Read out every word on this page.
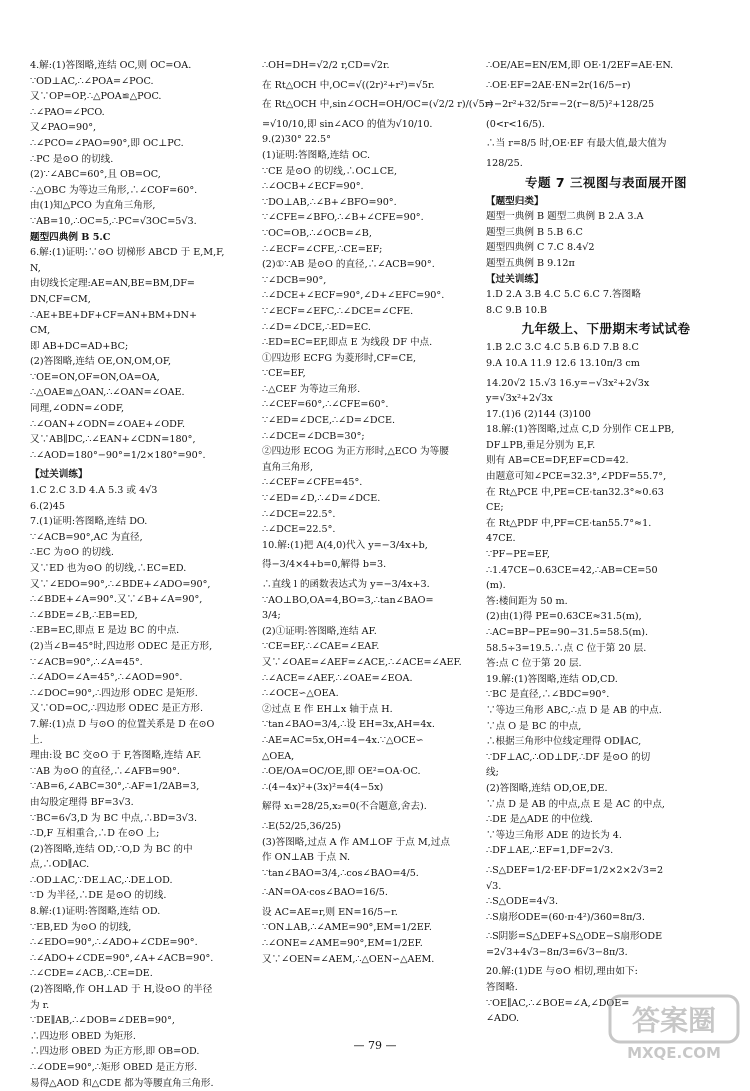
4.解:(1)答图略,连结 OC,则 OC=OA.
∵OD⊥AC,∴∠POA=∠POC.
又∵OP=OP,∴△POA≌△POC.
∴∠PAO=∠PCO.
又∠PAO=90°,
∴∠PCO=∠PAO=90°,即 OC⊥PC.
∴PC 是⊙O 的切线.
(2)∵∠ABC=60°,且 OB=OC,
∴△OBC 为等边三角形,∴∠COF=60°.
由(1)知△PCO 为直角三角形,
∵AB=10,∴OC=5,∴PC=√3OC=5√3.
题型四典例 B 5.C
6.解:(1)证明:∵⊙O 切梯形 ABCD 于 E,M,F,
N,
由切线长定理:AE=AN,BE=BM,DF=
DN,CF=CM,
∴AE+BE+DF+CF=AN+BM+DN+
CM,
即 AB+DC=AD+BC;
(2)答图略,连结 OE,ON,OM,OF,
∵OE=ON,OF=ON,OA=OA,
∴△OAE≌△OAN,∴∠OAN=∠OAE.
同理,∠ODN=∠ODF,
∴∠OAN+∠ODN=∠OAE+∠ODF.
又∵AB∥DC,∴∠EAN+∠CDN=180°,
∴∠AOD=180°−90°=1/2×180°=90°.
【过关训练】
1.C 2.C 3.D 4.A 5.3 或 4√3
6.(2)45
7.(1)证明:答图略,连结 DO.
∵∠ACB=90°,AC 为直径,
∴EC 为⊙O 的切线.
又∵ED 也为⊙O 的切线,∴EC=ED.
又∵∠EDO=90°,∴∠BDE+∠ADO=90°,
∴∠BDE+∠A=90°.又∵∠B+∠A=90°,
∴∠BDE=∠B,∴EB=ED,
∴EB=EC,即点 E 是边 BC 的中点.
(2)当∠B=45°时,四边形 ODEC 是正方形,
∵∠ACB=90°,∴∠A=45°.
∴∠ADO=∠A=45°,∴∠AOD=90°.
∴∠DOC=90°,∴四边形 ODEC 是矩形.
又∵OD=OC,∴四边形 ODEC 是正方形.
7.解:(1)点 D 与⊙O 的位置关系是 D 在⊙O
上.
理由:设 BC 交⊙O 于 F,答图略,连结 AF.
∵AB 为⊙O 的直径,∴∠AFB=90°.
∵AB=6,∠ABC=30°,∴AF=1/2AB=3,
由勾股定理得 BF=3√3.
∵BC=6√3,D 为 BC 中点,∴BD=3√3.
∴D,F 互相重合,∴D 在⊙O 上;
(2)答图略,连结 OD,∵O,D 为 BC 的中
点,∴OD∥AC.
∴OD⊥AC,∵DE⊥AC,∴DE⊥OD.
∵D 为半径,∴DE 是⊙O 的切线.
8.解:(1)证明:答图略,连结 OD.
∵EB,ED 为⊙O 的切线,
∴∠EDO=90°,∴∠ADO+∠CDE=90°.
∴∠ADO+∠CDE=90°,∠A+∠ACB=90°.
∴∠CDE=∠ACB,∴CE=DE.
(2)答图略,作 OH⊥AD 于 H,设⊙O 的半径
为 r.
∵DE∥AB,∴∠DOB=∠DEB=90°,
∴四边形 OBED 为矩形.
∴四边形 OBED 为正方形,即 OB=OD.
∴∠ODE=90°,∴矩形 OBED 是正方形.
易得△AOD 和△CDE 都为等腰直角三角形.
∴OH=DH=√2/2 r,CD=√2r.
在 Rt△OCH 中,OC=√((2r)²+r²)=√5r.
在 Rt△OCH 中,sin∠OCH=OH/OC=(√2/2 r)/(√5r)
=√10/10,即 sin∠ACO 的值为√10/10.
9.(2)30° 22.5°
(1)证明:答图略,连结 OC.
∵CE 是⊙O 的切线,∴OC⊥CE,
∴∠OCB+∠ECF=90°.
∵DO⊥AB,∴∠B+∠BFO=90°.
∵∠CFE=∠BFO,∴∠B+∠CFE=90°.
∵OC=OB,∴∠OCB=∠B,
∴∠ECF=∠CFE,∴CE=EF;
(2)①∵AB 是⊙O 的直径,∴∠ACB=90°.
∵∠DCB=90°,
∴∠DCE+∠ECF=90°,∠D+∠EFC=90°.
∵∠ECF=∠EFC,∴∠DCE=∠CFE.
∴∠D=∠DCE,∴ED=EC.
∴ED=EC=EF,即点 E 为线段 DF 中点.
①四边形 ECFG 为菱形时,CF=CE,
∵CE=EF,
∴△CEF 为等边三角形.
∴∠CEF=60°,∴∠CFE=60°.
∵∠ED=∠DCE,∴∠D=∠DCE.
∴∠DCE=∠DCB=30°;
②四边形 ECOG 为正方形时,△ECO 为等腰
直角三角形,
∴∠CEF=∠CFE=45°.
∵∠ED=∠D,∴∠D=∠DCE.
∴∠DCE=22.5°.
∴∠DCE=22.5°.
10.解:(1)把 A(4,0)代入 y=−3/4x+b,
得−3/4×4+b=0,解得 b=3.
∴直线 l 的函数表达式为 y=−3/4x+3.
∵AO⊥BO,OA=4,BO=3,∴tan∠BAO=
3/4;
(2)①证明:答图略,连结 AF.
∵CE=EF,∴∠CAE=∠EAF.
又∵∠OAE=∠AEF=∠ACE,∴∠ACE=∠AEF.
∴∠ACE=∠AEF,∴∠OAE=∠EOA.
∴∠OCE∽△OEA.
②过点 E 作 EH⊥x 轴于点 H.
∵tan∠BAO=3/4,∴设 EH=3x,AH=4x.
∴AE=AC=5x,OH=4−4x.∵△OCE∽
△OEA,
∴OE/OA=OC/OE,即 OE²=OA·OC.
∴(4−4x)²+(3x)²=4(4−5x)
解得 x₁=28/25,x₂=0(不合题意,舍去).
∴E(52/25,36/25)
(3)答图略,过点 A 作 AM⊥OF 于点 M,过点
作 ON⊥AB 于点 N.
∵tan∠BAO=3/4,∴cos∠BAO=4/5.
∴AN=OA·cos∠BAO=16/5.
设 AC=AE=r,则 EN=16/5−r.
∵ON⊥AB,∴∠AME=90°,EM=1/2EF.
∴∠ONE=∠AME=90°,EM=1/2EF.
又∵∠OEN=∠AEM,∴△OEN∽△AEM.
∴OE/AE=EN/EM,即 OE·1/2EF=AE·EN.
∴OE·EF=2AE·EN=2r(16/5−r)
=−2r²+32/5r=−2(r−8/5)²+128/25
(0<r<16/5).
∴当 r=8/5 时,OE·EF 有最大值,最大值为
128/25.
专题 7 三视图与表面展开图
【题型归类】
题型一典例 B 题型二典例 B 2.A 3.A
题型三典例 B 5.B 6.C
题型四典例 C 7.C 8.4√2
题型五典例 B 9.12π
【过关训练】
1.D 2.A 3.B 4.C 5.C 6.C 7.答图略
8.C 9.B 10.B
九年级上、下册期末考试试卷
1.B 2.C 3.C 4.C 5.B 6.D 7.B 8.C
9.A 10.A 11.9 12.6 13.10π/3 cm
14.20√2 15.√3 16.y=−√3x²+2√3x
y=√3x²+2√3x
17.(1)6 (2)144 (3)100
18.解:(1)答图略,过点 C,D 分别作 CE⊥PB,
DF⊥PB,垂足分别为 E,F.
则有 AB=CE=DF,EF=CD=42.
由题意可知∠PCE=32.3°,∠PDF=55.7°,
在 Rt△PCE 中,PE=CE·tan32.3°≈0.63
CE;
在 Rt△PDF 中,PF=CE·tan55.7°≈1.
47CE.
∵PF−PE=EF,
∴1.47CE−0.63CE=42,∴AB=CE=50
(m).
答:楼间距为 50 m.
(2)由(1)得 PE=0.63CE≈31.5(m),
∴AC=BP−PE=90−31.5=58.5(m).
58.5÷3=19.5.∴点 C 位于第 20 层.
答:点 C 位于第 20 层.
19.解:(1)答图略,连结 OD,CD.
∵BC 是直径,∴∠BDC=90°.
∵等边三角形 ABC,∴点 D 是 AB 的中点.
∵点 O 是 BC 的中点,
∴根据三角形中位线定理得 OD∥AC,
∵DF⊥AC,∴OD⊥DF,∴DF 是⊙O 的切
线;
(2)答图略,连结 OD,OE,DE.
∵点 D 是 AB 的中点,点 E 是 AC 的中点,
∴DE 是△ADE 的中位线.
∵等边三角形 ADE 的边长为 4.
∴DF⊥AE,∴EF=1,DF=2√3.
∴S△DEF=1/2·EF·DF=1/2×2×2√3=2
√3.
∴S△ODE=4√3.
∴S扇形ODE=(60·π·4²)/360=8π/3.
∴S阴影=S△DEF+S△ODE−S扇形ODE
=2√3+4√3−8π/3=6√3−8π/3.
20.解:(1)DE 与⊙O 相切,理由如下:
答图略.
∵OE∥AC,∴∠BOE=∠A,∠DOE=
∠ADO.
— 79 —
答案圈
MXQE.COM
